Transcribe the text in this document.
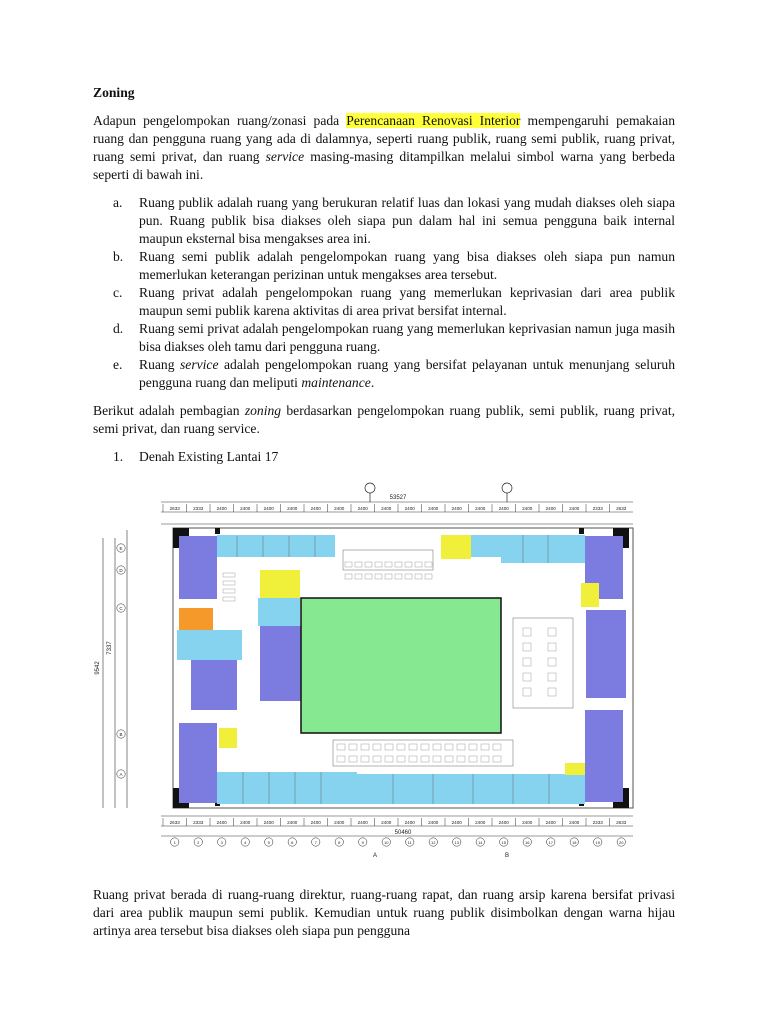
Zoning

Adapun pengelompokan ruang/zonasi pada Perencanaan Renovasi Interior mempengaruhi pemakaian ruang dan pengguna ruang yang ada di dalamnya, seperti ruang publik, ruang semi publik, ruang privat, ruang semi privat, dan ruang service masing-masing ditampilkan melalui simbol warna yang berbeda seperti di bawah ini.

a. Ruang publik adalah ruang yang berukuran relatif luas dan lokasi yang mudah diakses oleh siapa pun. Ruang publik bisa diakses oleh siapa pun dalam hal ini semua pengguna baik internal maupun eksternal bisa mengakses area ini.
b. Ruang semi publik adalah pengelompokan ruang yang bisa diakses oleh siapa pun namun memerlukan keterangan perizinan untuk mengakses area tersebut.
c. Ruang privat adalah pengelompokan ruang yang memerlukan keprivasian dari area publik maupun semi publik karena aktivitas di area privat bersifat internal.
d. Ruang semi privat adalah pengelompokan ruang yang memerlukan keprivasian namun juga masih bisa diakses oleh tamu dari pengguna ruang.
e. Ruang service adalah pengelompokan ruang yang bersifat pelayanan untuk menunjang seluruh pengguna ruang dan meliputi maintenance.

Berikut adalah pembagian zoning berdasarkan pengelompokan ruang publik, semi publik, ruang privat, semi privat, dan ruang service.

1. Denah Existing Lantai 17

53527
2633	2333	2400	2400	2400	2400	2400	2400	2400	2400	2400	2400	2400	2400	2400	2400	2400	2400	2333	2633
9542
7337
E
D
C
B
A
2633	2333	2400	2400	2400	2400	2400	2400	2400	2400	2400	2400	2400	2400	2400	2400	2400	2400	2333	2633
50460
1	2	3	4	5	6	7	8	9	10	11	12	13	14	15	16	17	18	19	20
A	B

Ruang privat berada di ruang-ruang direktur, ruang-ruang rapat, dan ruang arsip karena bersifat privasi dari area publik maupun semi publik. Kemudian untuk ruang publik disimbolkan dengan warna hijau artinya area tersebut bisa diakses oleh siapa pun pengguna
